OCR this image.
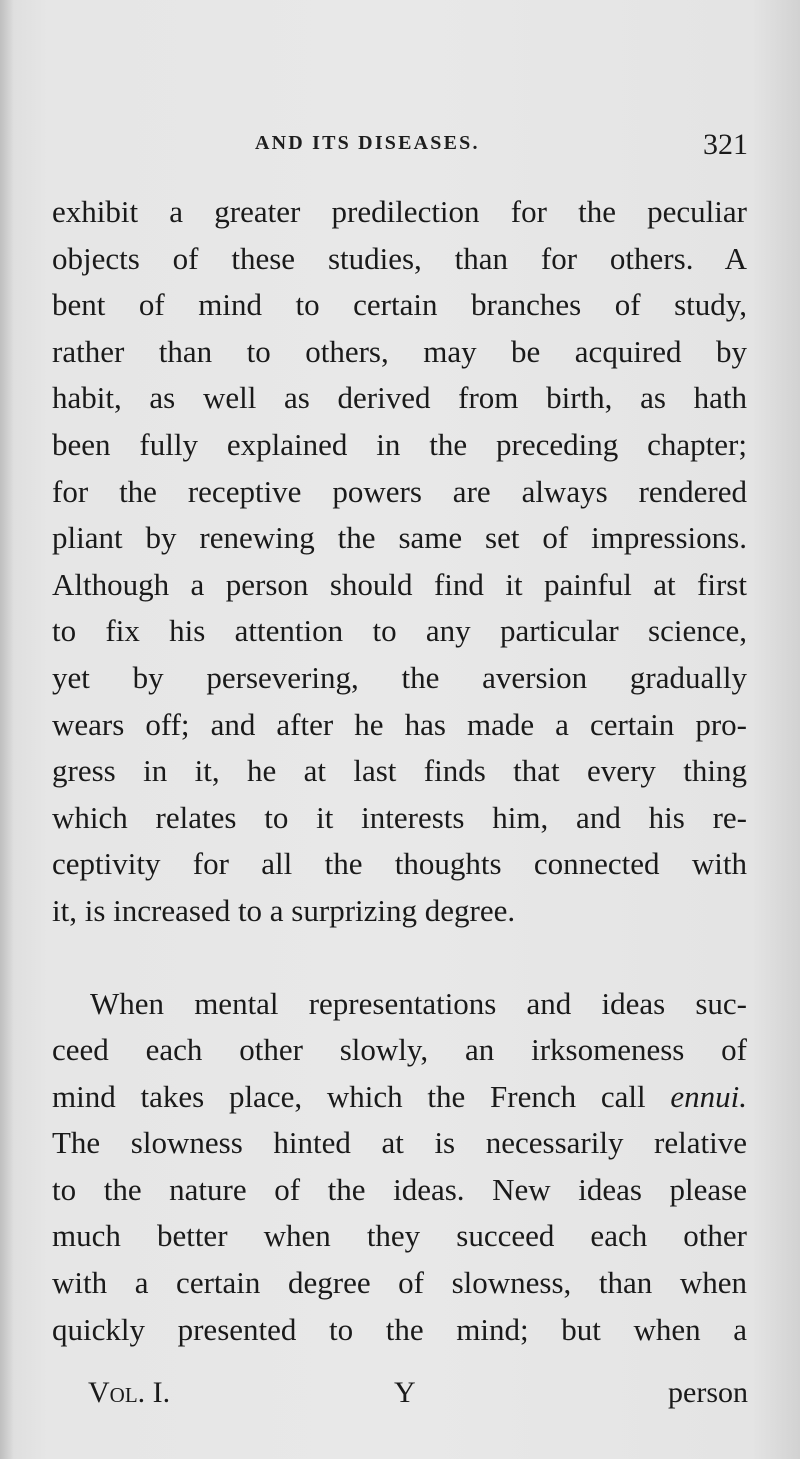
AND ITS DISEASES.	321
exhibit a greater predilection for the peculiar
objects of these studies, than for others. A
bent of mind to certain branches of study,
rather than to others, may be acquired by
habit, as well as derived from birth, as hath
been fully explained in the preceding chapter;
for the receptive powers are always rendered
pliant by renewing the same set of impressions.
Although a person should find it painful at first
to fix his attention to any particular science,
yet by persevering, the aversion gradually
wears off; and after he has made a certain pro-
gress in it, he at last finds that every thing
which relates to it interests him, and his re-
ceptivity for all the thoughts connected with
it, is increased to a surprizing degree.
When mental representations and ideas suc-
ceed each other slowly, an irksomeness of
mind takes place, which the French call ennui.
The slowness hinted at is necessarily relative
to the nature of the ideas. New ideas please
much better when they succeed each other
with a certain degree of slowness, than when
quickly presented to the mind; but when a
Vol. I.	Y	person
